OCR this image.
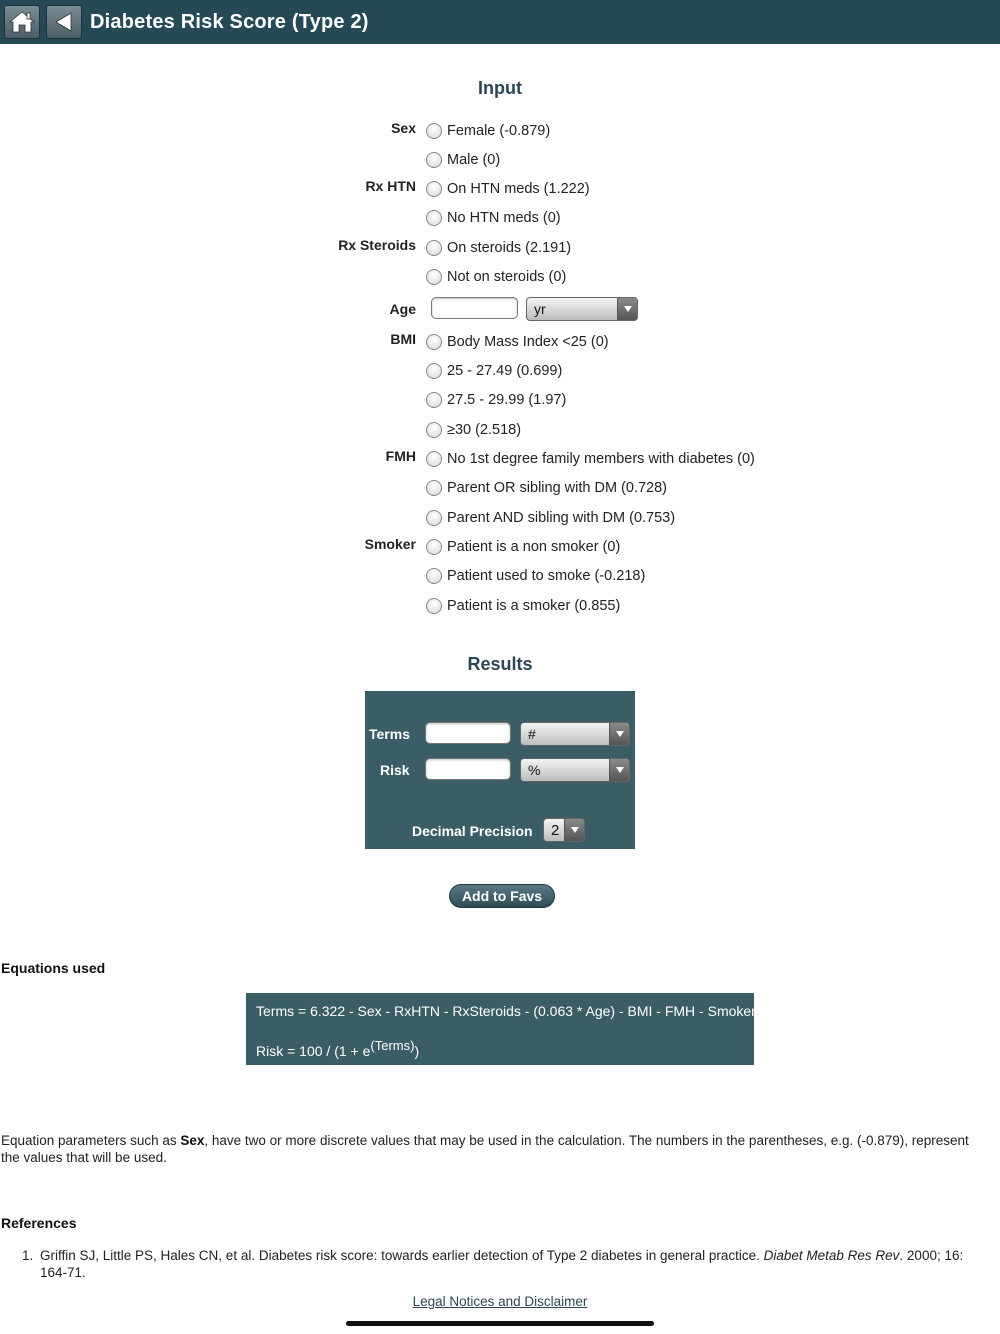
Diabetes Risk Score (Type 2)
Input
Sex Female (-0.879)
Male (0)
Rx HTN On HTN meds (1.222)
No HTN meds (0)
Rx Steroids On steroids (2.191)
Not on steroids (0)
Age	yr
BMI Body Mass Index <25 (0)
25 - 27.49 (0.699)
27.5 - 29.99 (1.97)
≥30 (2.518)
FMH No 1st degree family members with diabetes (0)
Parent OR sibling with DM (0.728)
Parent AND sibling with DM (0.753)
Smoker Patient is a non smoker (0)
Patient used to smoke (-0.218)
Patient is a smoker (0.855)
Results
Terms	#
Risk	%
Decimal Precision 2
Add to Favs
Equations used
Terms = 6.322 - Sex - RxHTN - RxSteroids - (0.063 * Age) - BMI - FMH - Smoker
Risk = $100 / (1 + e^{(Terms)})$
Equation parameters such as Sex, have two or more discrete values that may be used in the calculation. The numbers in the parentheses, e.g. (-0.879), represent the values that will be used.
References
1. Griffin SJ, Little PS, Hales CN, et al. Diabetes risk score: towards earlier detection of Type 2 diabetes in general practice. Diabet Metab Res Rev. 2000; 16: 164-71.
Legal Notices and Disclaimer
